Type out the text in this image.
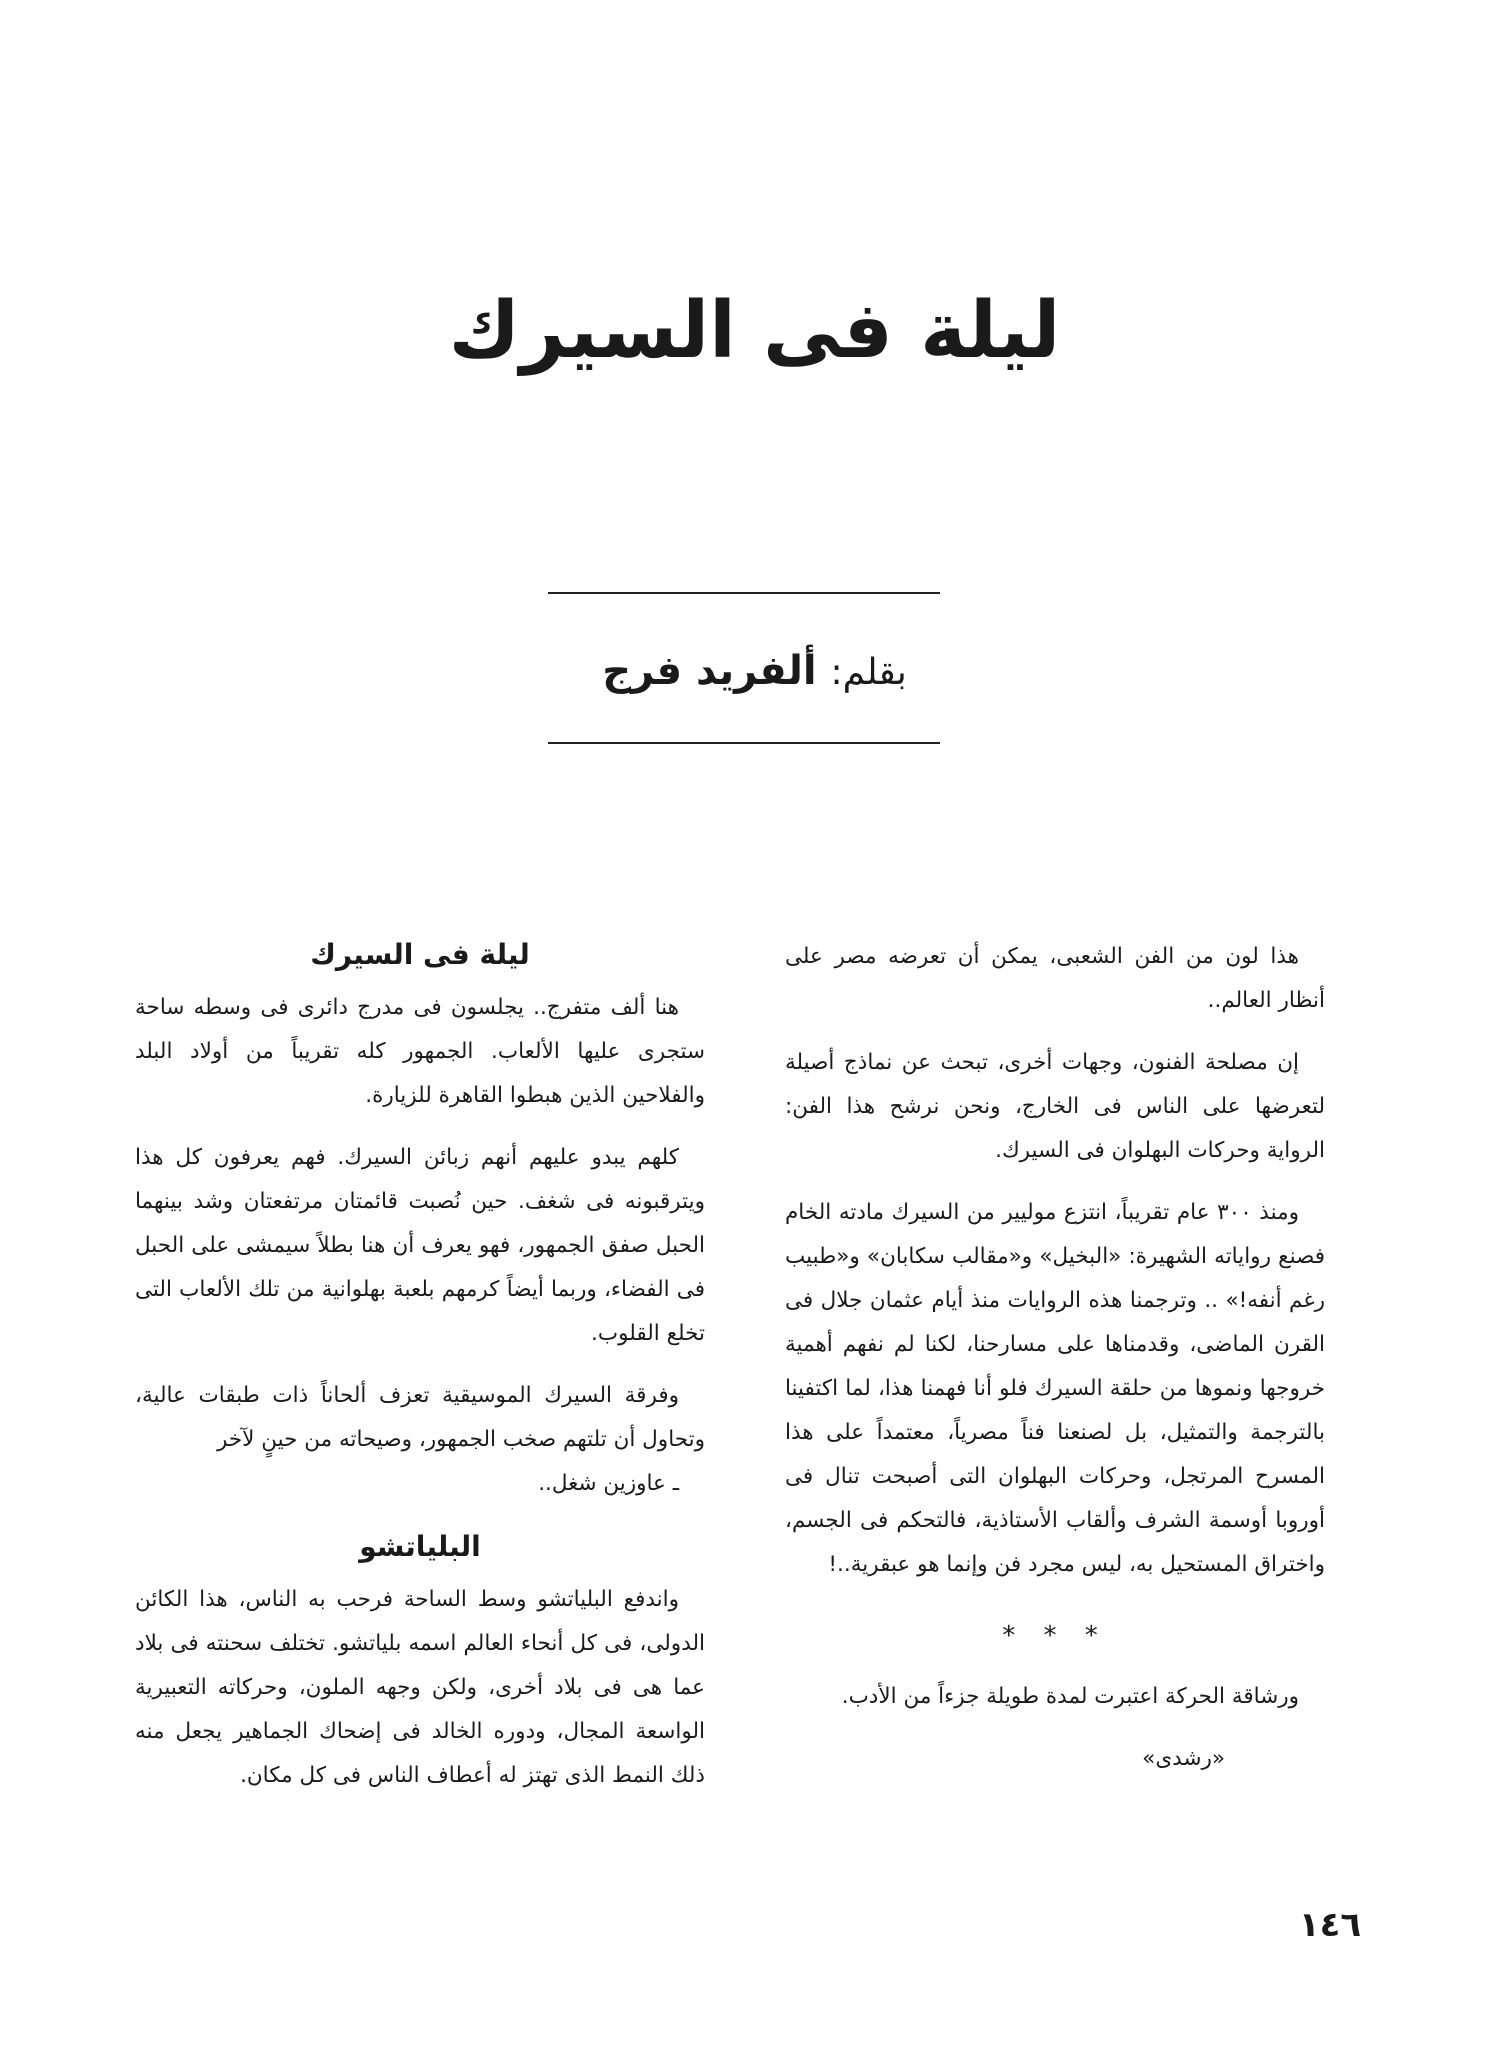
ليلة فى السيرك
بقلم: ألفريد فرج

هذا لون من الفن الشعبى، يمكن أن تعرضه مصر على أنظار العالم..

إن مصلحة الفنون، وجهات أخرى، تبحث عن نماذج أصيلة لتعرضها على الناس فى الخارج، ونحن نرشح هذا الفن: الرواية وحركات البهلوان فى السيرك.

ومنذ ٣٠٠ عام تقريباً، انتزع موليير من السيرك مادته الخام فصنع رواياته الشهيرة: «البخيل» و«مقالب سكابان» و«طبيب رغم أنفه!» .. وترجمنا هذه الروايات منذ أيام عثمان جلال فى القرن الماضى، وقدمناها على مسارحنا، لكنا لم نفهم أهمية خروجها ونموها من حلقة السيرك فلو أنا فهمنا هذا، لما اكتفينا بالترجمة والتمثيل، بل لصنعنا فناً مصرياً، معتمداً على هذا المسرح المرتجل، وحركات البهلوان التى أصبحت تنال فى أوروبا أوسمة الشرف وألقاب الأستاذية، فالتحكم فى الجسم، واختراق المستحيل به، ليس مجرد فن وإنما هو عبقرية..!

* * *

ورشاقة الحركة اعتبرت لمدة طويلة جزءاً من الأدب.

«رشدى»
ليلة فى السيرك

هنا ألف متفرج.. يجلسون فى مدرج دائرى فى وسطه ساحة ستجرى عليها الألعاب. الجمهور كله تقريباً من أولاد البلد والفلاحين الذين هبطوا القاهرة للزيارة.

كلهم يبدو عليهم أنهم زبائن السيرك. فهم يعرفون كل هذا ويترقبونه فى شغف. حين نُصبت قائمتان مرتفعتان وشد بينهما الحبل صفق الجمهور، فهو يعرف أن هنا بطلاً سيمشى على الحبل فى الفضاء، وربما أيضاً كرمهم بلعبة بهلوانية من تلك الألعاب التى تخلع القلوب.

وفرقة السيرك الموسيقية تعزف ألحاناً ذات طبقات عالية، وتحاول أن تلتهم صخب الجمهور، وصيحاته من حينٍ لآخر

ـ عاوزين شغل..

البلياتشو

واندفع البلياتشو وسط الساحة فرحب به الناس، هذا الكائن الدولى، فى كل أنحاء العالم اسمه بلياتشو. تختلف سحنته فى بلاد عما هى فى بلاد أخرى، ولكن وجهه الملون، وحركاته التعبيرية الواسعة المجال، ودوره الخالد فى إضحاك الجماهير يجعل منه ذلك النمط الذى تهتز له أعطاف الناس فى كل مكان.

١٤٦
